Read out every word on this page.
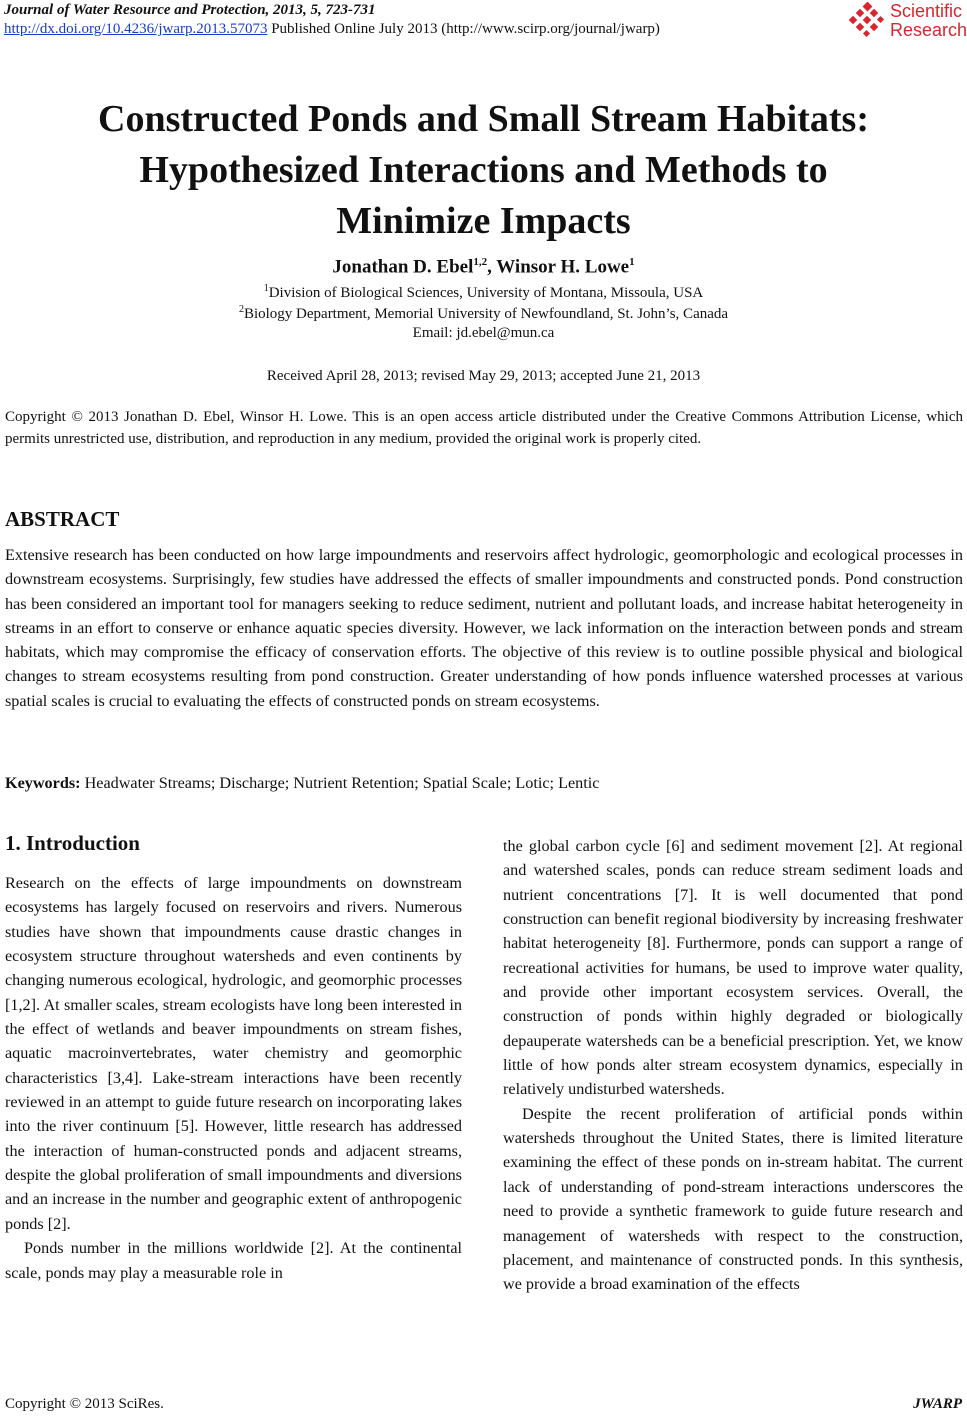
Journal of Water Resource and Protection, 2013, 5, 723-731
http://dx.doi.org/10.4236/jwarp.2013.57073 Published Online July 2013 (http://www.scirp.org/journal/jwarp)
Scientific
Research
Constructed Ponds and Small Stream Habitats:
Hypothesized Interactions and Methods to
Minimize Impacts
Jonathan D. Ebel$^{1,2}$, Winsor H. Lowe$^1$
$^1$Division of Biological Sciences, University of Montana, Missoula, USA
$^2$Biology Department, Memorial University of Newfoundland, St. John’s, Canada
Email: jd.ebel@mun.ca
Received April 28, 2013; revised May 29, 2013; accepted June 21, 2013
Copyright © 2013 Jonathan D. Ebel, Winsor H. Lowe. This is an open access article distributed under the Creative Commons Attribution License, which permits unrestricted use, distribution, and reproduction in any medium, provided the original work is properly cited.
ABSTRACT
Extensive research has been conducted on how large impoundments and reservoirs affect hydrologic, geomorphologic and ecological processes in downstream ecosystems. Surprisingly, few studies have addressed the effects of smaller impoundments and constructed ponds. Pond construction has been considered an important tool for managers seeking to reduce sediment, nutrient and pollutant loads, and increase habitat heterogeneity in streams in an effort to conserve or enhance aquatic species diversity. However, we lack information on the interaction between ponds and stream habitats, which may compromise the efficacy of conservation efforts. The objective of this review is to outline possible physical and biological changes to stream ecosystems resulting from pond construction. Greater understanding of how ponds influence watershed processes at various spatial scales is crucial to evaluating the effects of constructed ponds on stream ecosystems.
Keywords: Headwater Streams; Discharge; Nutrient Retention; Spatial Scale; Lotic; Lentic
1. Introduction

Research on the effects of large impoundments on downstream ecosystems has largely focused on reservoirs and rivers. Numerous studies have shown that impoundments cause drastic changes in ecosystem structure throughout watersheds and even continents by changing numerous ecological, hydrologic, and geomorphic processes [1,2]. At smaller scales, stream ecologists have long been interested in the effect of wetlands and beaver impoundments on stream fishes, aquatic macroinvertebrates, water chemistry and geomorphic characteristics [3,4]. Lake-stream interactions have been recently reviewed in an attempt to guide future research on incorporating lakes into the river continuum [5]. However, little research has addressed the interaction of human-constructed ponds and adjacent streams, despite the global proliferation of small impoundments and diversions and an increase in the number and geographic extent of anthropogenic ponds [2].

Ponds number in the millions worldwide [2]. At the continental scale, ponds may play a measurable role in

the global carbon cycle [6] and sediment movement [2]. At regional and watershed scales, ponds can reduce stream sediment loads and nutrient concentrations [7]. It is well documented that pond construction can benefit regional biodiversity by increasing freshwater habitat heterogeneity [8]. Furthermore, ponds can support a range of recreational activities for humans, be used to improve water quality, and provide other important ecosystem services. Overall, the construction of ponds within highly degraded or biologically depauperate watersheds can be a beneficial prescription. Yet, we know little of how ponds alter stream ecosystem dynamics, especially in relatively undisturbed watersheds.

Despite the recent proliferation of artificial ponds within watersheds throughout the United States, there is limited literature examining the effect of these ponds on in-stream habitat. The current lack of understanding of pond-stream interactions underscores the need to provide a synthetic framework to guide future research and management of watersheds with respect to the construction, placement, and maintenance of constructed ponds. In this synthesis, we provide a broad examination of the effects

Copyright © 2013 SciRes.	JWARP
